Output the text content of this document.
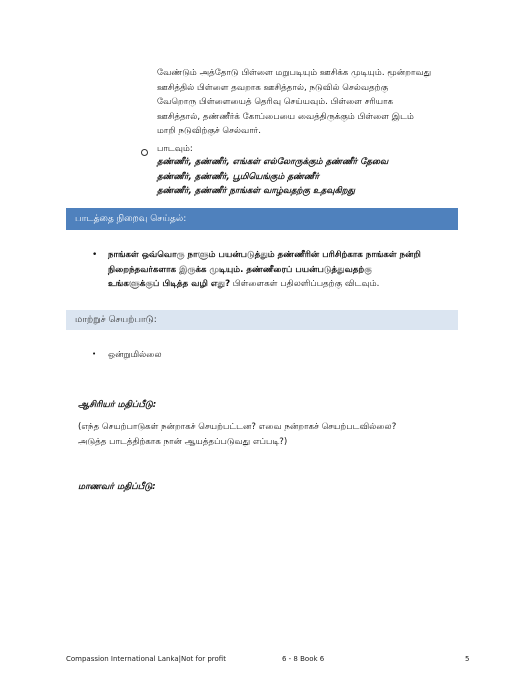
வேண்டும் அத்தோடு பிள்ளை மறுபடியும் ஊசிக்க முடியும். மூன்றாவது
ஊசித்தில் பிள்ளை தவறாக ஊசித்தால், நடுவில் செல்வதற்கு
வேறொரு பிள்ளையைத் தெரிவு செய்யவும். பிள்ளை சரியாக
ஊசித்தால், தண்ணீர்க் கோப்பையை வைத்திருக்கும் பிள்ளை இடம்
மாறி நடுவிற்குச் செல்வார்.
பாடவும்:
தண்ணீர், தண்ணீர், எங்கள் எல்லோருக்கும் தண்ணீர் தேவை
தண்ணீர், தண்ணீர், பூமியெங்கும் தண்ணீர்
தண்ணீர், தண்ணீர் நாங்கள் வாழ்வதற்கு உதவுகிறது
பாடத்தை நிறைவு செய்தல்:
• நாங்கள் ஒவ்வொரு நாளும் பயன்படுத்தும் தண்ணீரின் பரிசிற்காக நாங்கள் நன்றி
நிறைந்தவர்களாக இருக்க முடியும். தண்ணீரைப் பயன்படுத்துவதற்கு
உங்களுக்குப் பிடித்த வழி எது? பிள்ளைகள் பதிலளிப்பதற்கு விடவும்.
மாற்றுச் செயற்பாடு:
• ஒன்றுமில்லை
ஆசிரியர் மதிப்பீடு:
(எந்த செயற்பாடுகள் நன்றாகச் செயற்பட்டன? எவை நன்றாகச் செயற்படவில்லை?
அடுத்த பாடத்திற்காக நான் ஆயத்தப்படுவது எப்படி?)
மாணவர் மதிப்பீடு:
Compassion International Lanka|Not for profit	6 - 8 Book 6	5
